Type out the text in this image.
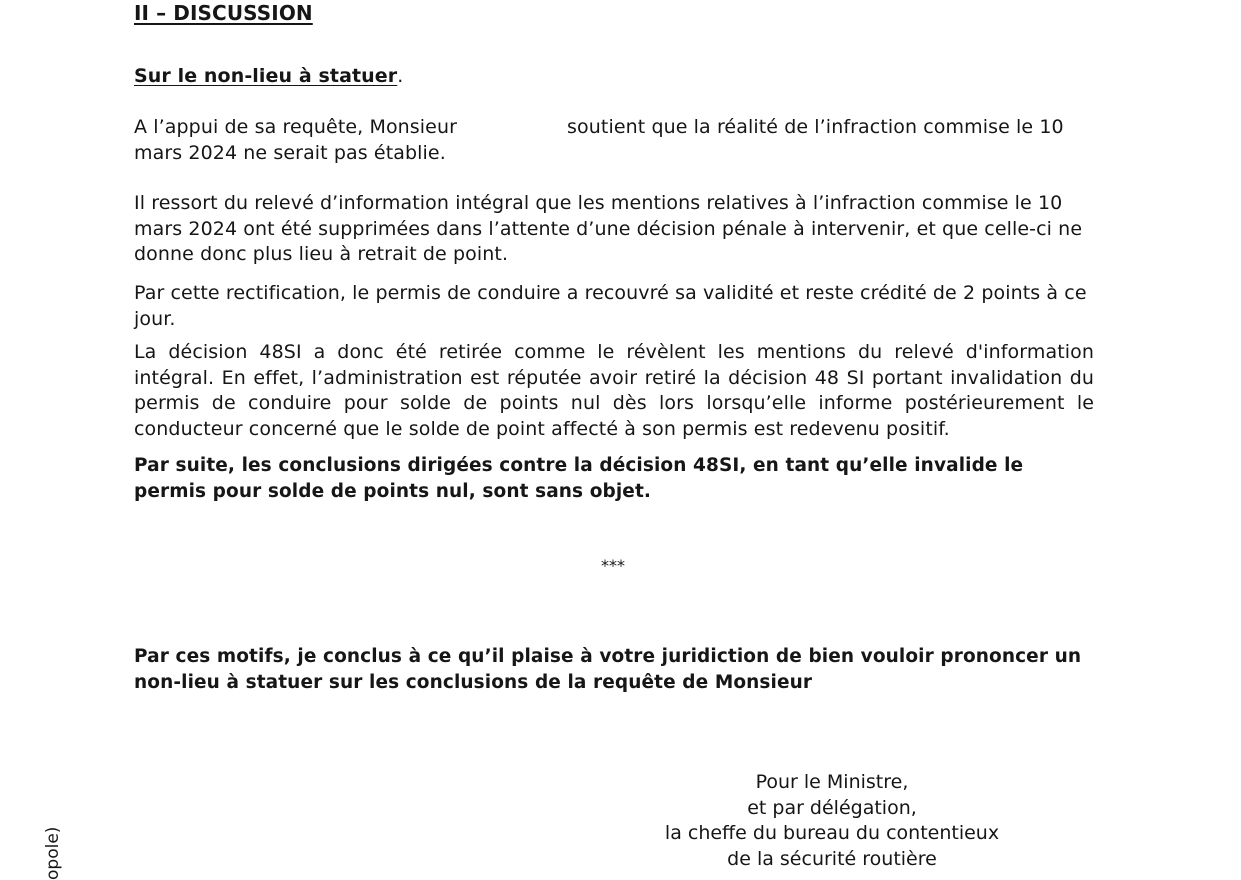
II – DISCUSSION
Sur le non-lieu à statuer.
A l’appui de sa requête, Monsieur	soutient que la réalité de l’infraction commise le 10 mars 2024 ne serait pas établie.
Il ressort du relevé d’information intégral que les mentions relatives à l’infraction commise le 10 mars 2024 ont été supprimées dans l’attente d’une décision pénale à intervenir, et que celle-ci ne donne donc plus lieu à retrait de point.
Par cette rectification, le permis de conduire a recouvré sa validité et reste crédité de 2 points à ce jour.
La décision 48SI a donc été retirée comme le révèlent les mentions du relevé d'information intégral. En effet, l’administration est réputée avoir retiré la décision 48 SI portant invalidation du permis de conduire pour solde de points nul dès lors lorsqu’elle informe postérieurement le conducteur concerné que le solde de point affecté à son permis est redevenu positif.
Par suite, les conclusions dirigées contre la décision 48SI, en tant qu’elle invalide le permis pour solde de points nul, sont sans objet.
***
Par ces motifs, je conclus à ce qu’il plaise à votre juridiction de bien vouloir prononcer un non-lieu à statuer sur les conclusions de la requête de Monsieur
Pour le Ministre,
et par délégation,
la cheffe du bureau du contentieux
de la sécurité routière
opole)
